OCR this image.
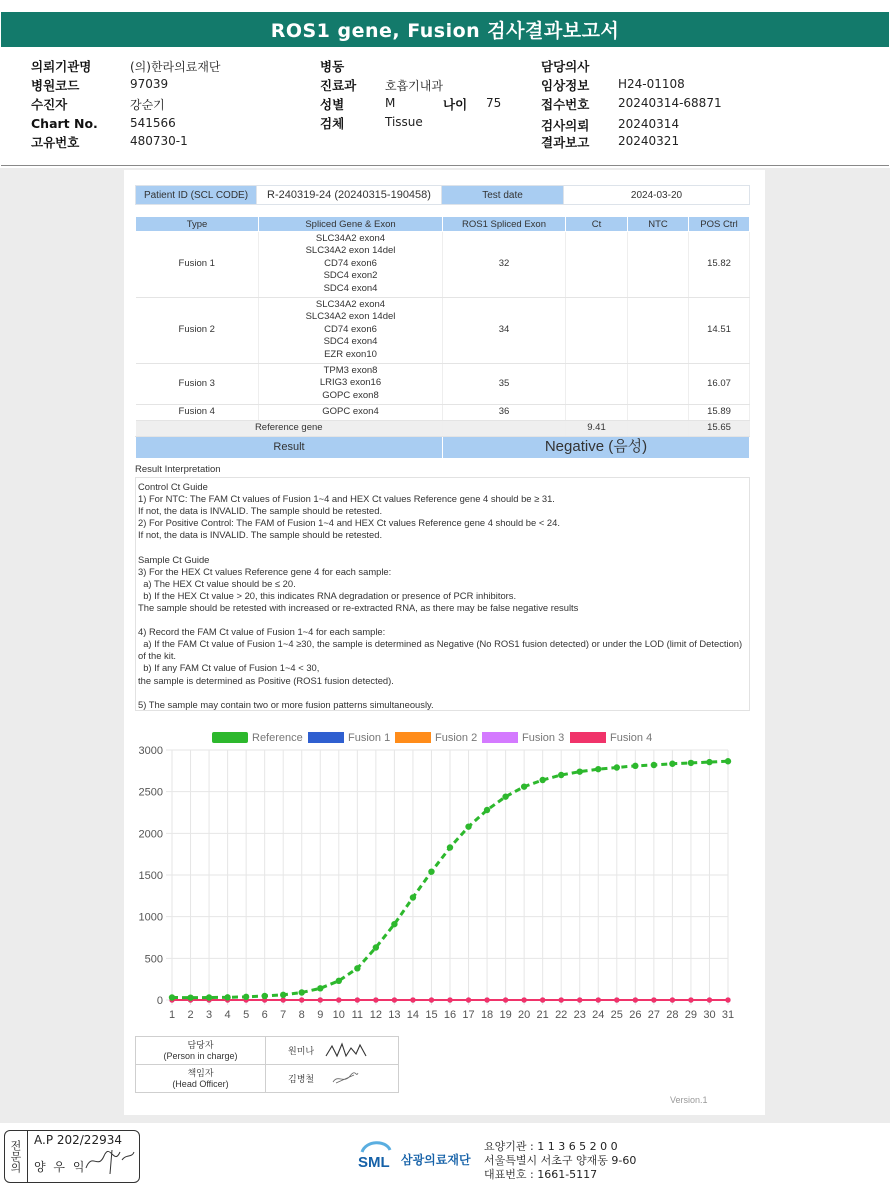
ROS1 gene, Fusion 검사결과보고서
의뢰기관명	(의)한라의료재단
병원코드	97039
수진자	강순기
Chart No.	541566
고유번호	480730-1
병동
진료과 호흡기내과
성별	M	나이 75
검체	Tissue
담당의사
임상정보 H24-01108
접수번호 20240314-68871
검사의뢰 20240314
결과보고 20240321
Patient ID (SCL CODE)	R-240319-24 (20240315-190458)	Test date	2024-03-20
Type	Spliced Gene & Exon	ROS1 Spliced Exon	Ct	NTC	POS Ctrl
Fusion 1	SLC34A2 exon4
SLC34A2 exon 14del
CD74 exon6
SDC4 exon2
SDC4 exon4	32			15.82
Fusion 2	SLC34A2 exon4
SLC34A2 exon 14del
CD74 exon6
SDC4 exon4
EZR exon10	34			14.51
Fusion 3	TPM3 exon8
LRIG3 exon16
GOPC exon8	35			16.07
Fusion 4	GOPC exon4	36			15.89
Reference gene			9.41		15.65
Result		Negative (음성)			
Result Interpretation
Control Ct Guide
1) For NTC: The FAM Ct values of Fusion 1~4 and HEX Ct values Reference gene 4 should be ≥ 31.
If not, the data is INVALID. The sample should be retested.
2) For Positive Control: The FAM of Fusion 1~4 and HEX Ct values Reference gene 4 should be < 24.
If not, the data is INVALID. The sample should be retested.

Sample Ct Guide
3) For the HEX Ct values Reference gene 4 for each sample:
a) The HEX Ct value should be ≤ 20.
b) If the HEX Ct value > 20, this indicates RNA degradation or presence of PCR inhibitors.
The sample should be retested with increased or re-extracted RNA, as there may be false negative results

4) Record the FAM Ct value of Fusion 1~4 for each sample:
a) If the FAM Ct value of Fusion 1~4 ≥30, the sample is determined as Negative (No ROS1 fusion detected) or under the LOD (limit of Detection) of the kit.
b) If any FAM Ct value of Fusion 1~4 < 30,
the sample is determined as Positive (ROS1 fusion detected).

5) The sample may contain two or more fusion patterns simultaneously.
0
500
1000
1500
2000
2500
3000
1 2 3 4 5 6 7 8 9 10 11 12 13 14 15 16 17 18 19 20 21 22 23 24 25 26 27 28 29 30 31
Reference	Fusion 1	Fusion 2	Fusion 3	Fusion 4
담당자
(Person in charge)	원미나

책임자
(Head Officer)	김병철
Version.1
전문의 A.P 202/22934
양 우 익	SML 삼광의료재단
요양기관 : 1 1 3 6 5 2 0 0
서울특별시 서초구 양재동 9-60
대표번호 : 1661-5117
